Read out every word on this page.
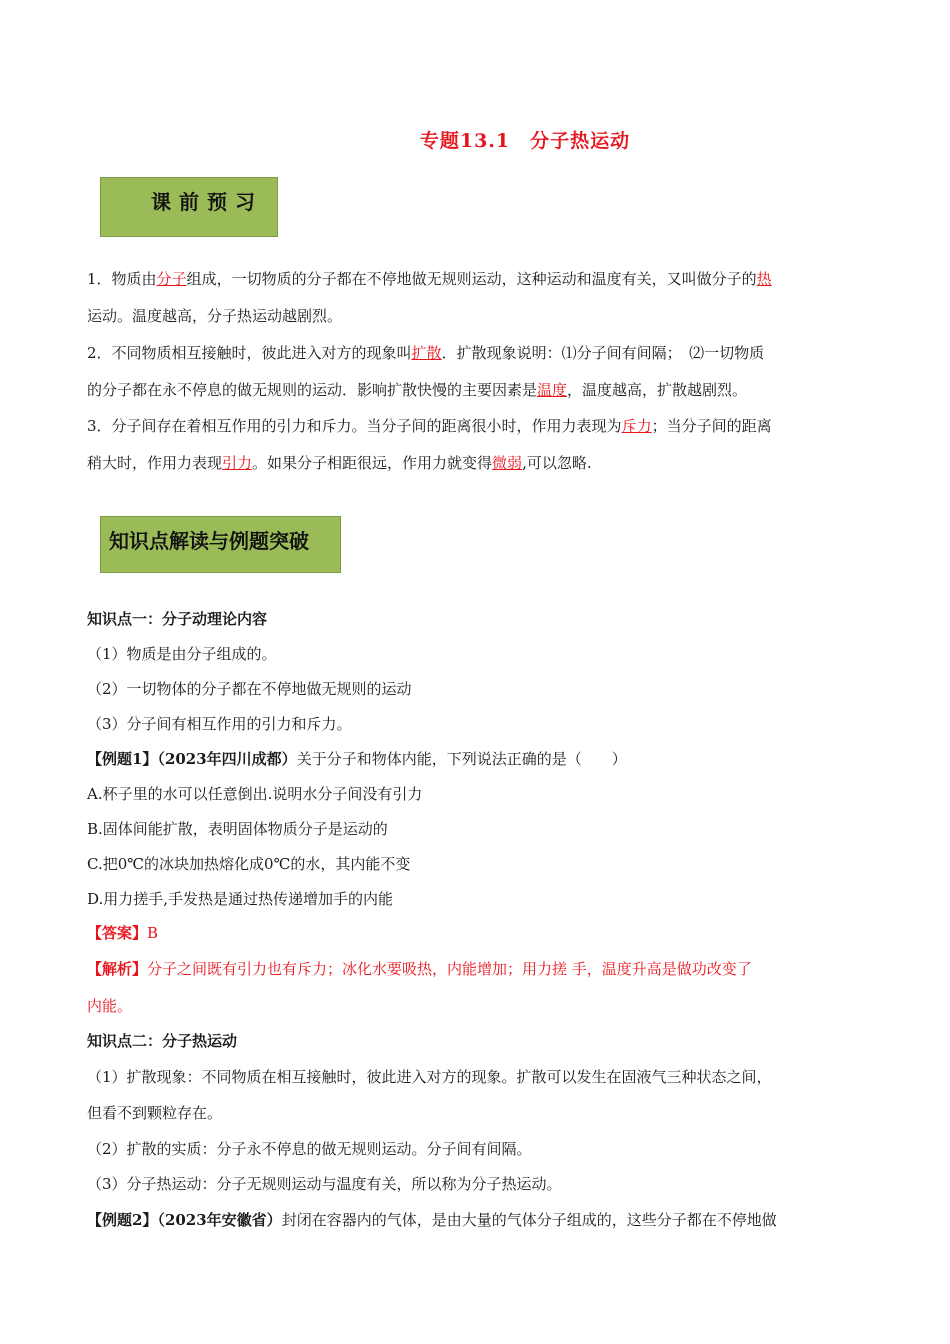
专题13.1　分子热运动
课前预习
1．物质由分子组成，一切物质的分子都在不停地做无规则运动，这种运动和温度有关，又叫做分子的热
运动。温度越高，分子热运动越剧烈。
2．不同物质相互接触时，彼此进入对方的现象叫扩散．扩散现象说明：⑴分子间有间隔；　⑵一切物质
的分子都在永不停息的做无规则的运动．影响扩散快慢的主要因素是温度，温度越高，扩散越剧烈。
3．分子间存在着相互作用的引力和斥力。当分子间的距离很小时，作用力表现为斥力；当分子间的距离
稍大时，作用力表现引力。如果分子相距很远，作用力就变得微弱,可以忽略.
知识点解读与例题突破
知识点一：分子动理论内容
（1）物质是由分子组成的。
（2）一切物体的分子都在不停地做无规则的运动
（3）分子间有相互作用的引力和斥力。
【例题1】（2023年四川成都）关于分子和物体内能，下列说法正确的是（　　）
A.杯子里的水可以任意倒出.说明水分子间没有引力
B.固体间能扩散，表明固体物质分子是运动的
C.把0℃的冰块加热熔化成0℃的水，其内能不变
D.用力搓手,手发热是通过热传递增加手的内能
【答案】B
【解析】分子之间既有引力也有斥力；冰化水要吸热，内能增加；用力搓 手，温度升高是做功改变了
内能。
知识点二：分子热运动
（1）扩散现象：不同物质在相互接触时，彼此进入对方的现象。扩散可以发生在固液气三种状态之间，
但看不到颗粒存在。
（2）扩散的实质：分子永不停息的做无规则运动。分子间有间隔。
（3）分子热运动：分子无规则运动与温度有关，所以称为分子热运动。
【例题2】（2023年安徽省）封闭在容器内的气体，是由大量的气体分子组成的，这些分子都在不停地做
